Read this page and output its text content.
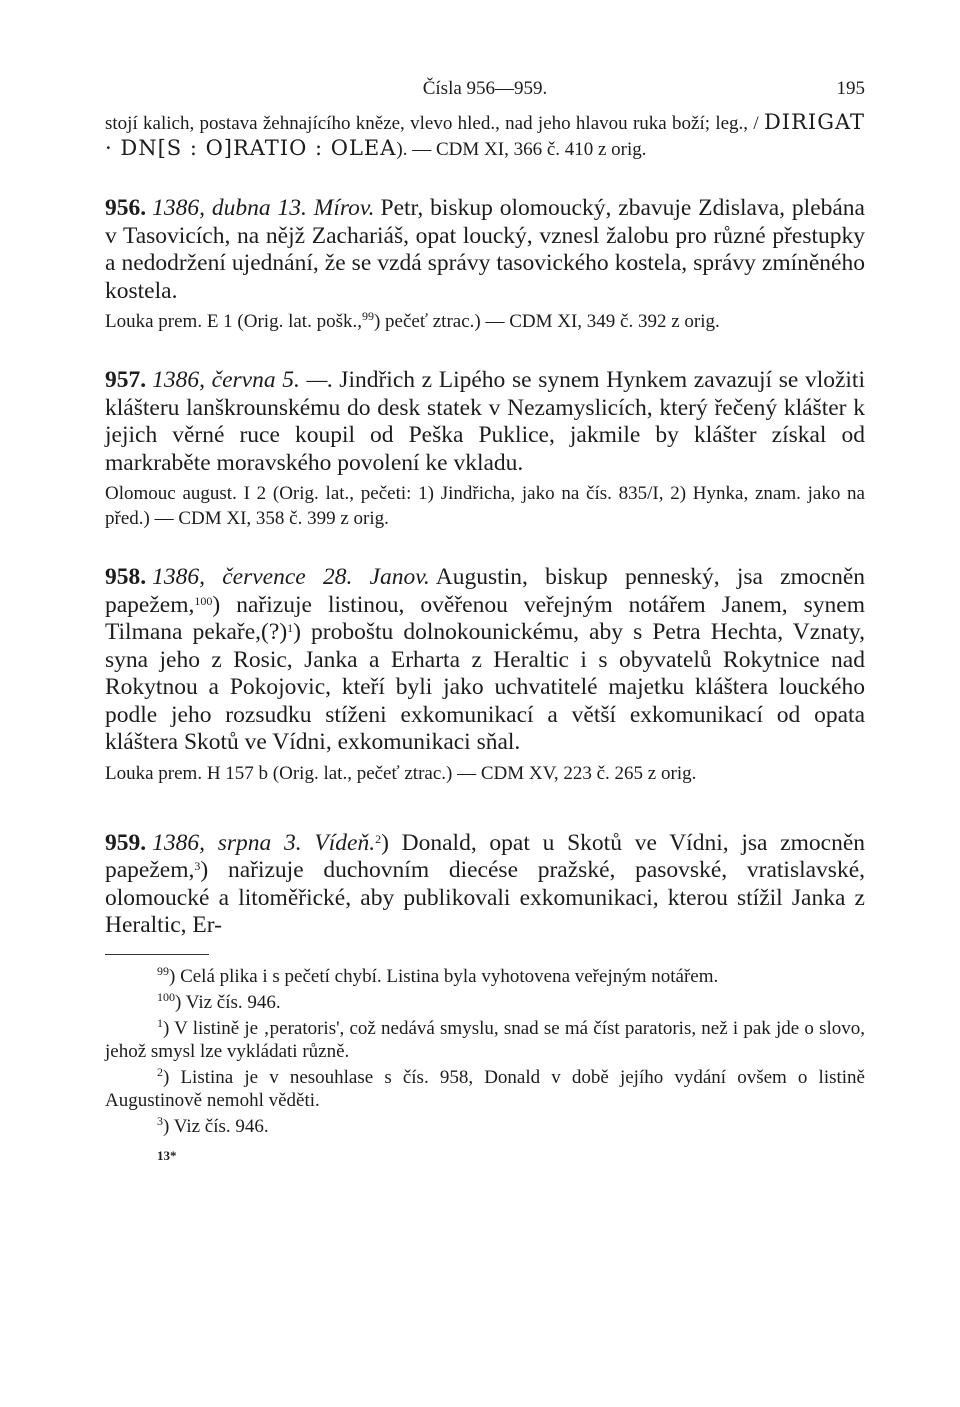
Čísla 956—959.	195

stojí kalich, postava žehnajícího kněze, vlevo hled., nad jeho hlavou ruka boží; leg., / DIRIGAT · DN[S : O]RATIO : OLEA). — CDM XI, 366 č. 410 z orig.

956. 1386, dubna 13. Mírov. Petr, biskup olomoucký, zbavuje Zdislava, plebána v Tasovicích, na nějž Zachariáš, opat loucký, vznesl žalobu pro různé přestupky a nedodržení ujednání, že se vzdá správy tasovického kostela, správy zmíněného kostela.

Louka prem. E 1 (Orig. lat. pošk.,$^{99}$) pečeť ztrac.) — CDM XI, 349 č. 392 z orig.

957. 1386, června 5. —. Jindřich z Lipého se synem Hynkem zavazují se vložiti klášteru lanškrounskému do desk statek v Nezamyslicích, který řečený klášter k jejich věrné ruce koupil od Peška Puklice, jakmile by klášter získal od markraběte moravského povolení ke vkladu.

Olomouc august. I 2 (Orig. lat., pečeti: 1) Jindřicha, jako na čís. 835/I, 2) Hynka, znam. jako na před.) — CDM XI, 358 č. 399 z orig.

958. 1386, července 28. Janov. Augustin, biskup penneský, jsa zmocněn papežem,$^{100}$) nařizuje listinou, ověřenou veřejným notářem Janem, synem Tilmana pekaře,(?)$^1$) proboštu dolnokounickému, aby s Petra Hechta, Vznaty, syna jeho z Rosic, Janka a Erharta z Heraltic i s obyvatelů Rokytnice nad Rokytnou a Pokojovic, kteří byli jako uchvatitelé majetku kláštera louckého podle jeho rozsudku stíženi exkomunikací a větší exkomunikací od opata kláštera Skotů ve Vídni, exkomunikaci sňal.

Louka prem. H 157 b (Orig. lat., pečeť ztrac.) — CDM XV, 223 č. 265 z orig.

959. 1386, srpna 3. Vídeň.$^2$) Donald, opat u Skotů ve Vídni, jsa zmocněn papežem,$^3$) nařizuje duchovním diecése pražské, pasovské, vratislavské, olomoucké a litoměřické, aby publikovali exkomunikaci, kterou stížil Janka z Heraltic, Er-

$^{99}$) Celá plika i s pečetí chybí. Listina byla vyhotovena veřejným notářem.

$^{100}$) Viz čís. 946.

$^1$) V listině je ‚peratoris', což nedává smyslu, snad se má číst paratoris, než i pak jde o slovo, jehož smysl lze vykládati různě.

$^2$) Listina je v nesouhlase s čís. 958, Donald v době jejího vydání ovšem o listině Augustinově nemohl věděti.

$^3$) Viz čís. 946.

13*
